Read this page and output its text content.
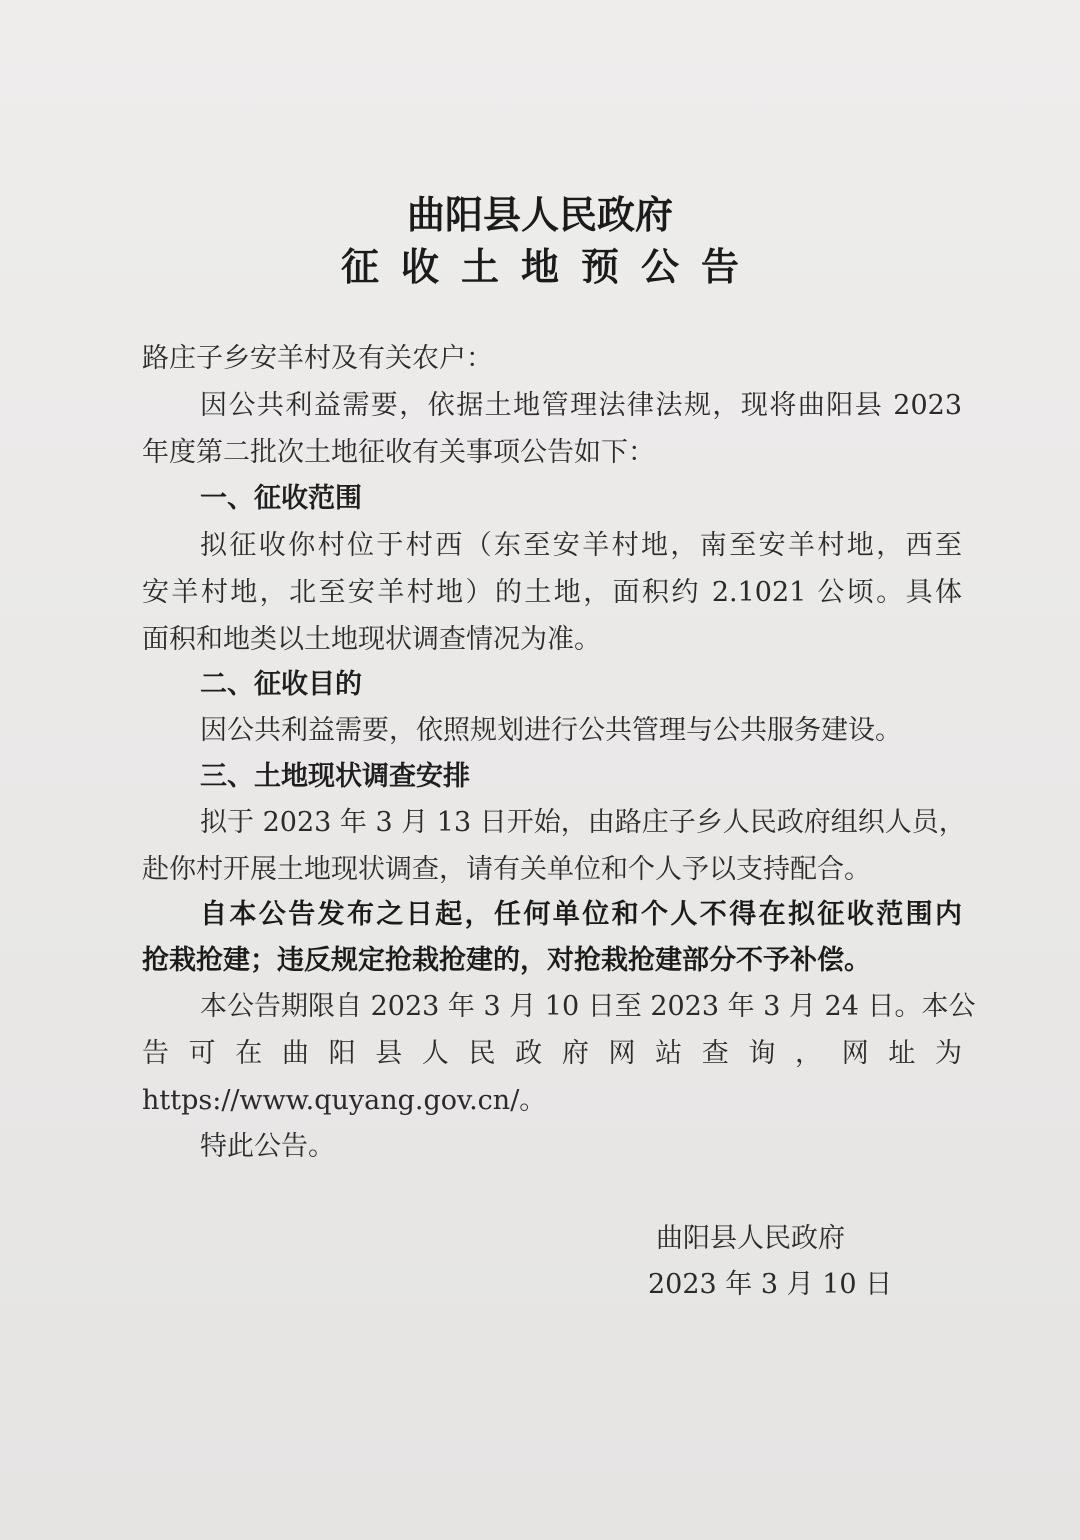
曲阳县人民政府
征收土地预公告

路庄子乡安羊村及有关农户：

因公共利益需要，依据土地管理法律法规，现将曲阳县 2023

年度第二批次土地征收有关事项公告如下：

一、征收范围

拟征收你村位于村西（东至安羊村地，南至安羊村地，西至

安羊村地，北至安羊村地）的土地，面积约 2.1021 公顷。具体

面积和地类以土地现状调查情况为准。

二、征收目的

因公共利益需要，依照规划进行公共管理与公共服务建设。

三、土地现状调查安排

拟于 2023 年 3 月 13 日开始，由路庄子乡人民政府组织人员，

赴你村开展土地现状调查，请有关单位和个人予以支持配合。

自本公告发布之日起，任何单位和个人不得在拟征收范围内

抢栽抢建；违反规定抢栽抢建的，对抢栽抢建部分不予补偿。

本公告期限自 2023 年 3 月 10 日至 2023 年 3 月 24 日。本公

告可在曲阳县人民政府网站查询，网址为

https://www.quyang.gov.cn/。

特此公告。

曲阳县人民政府

2023 年 3 月 10 日
